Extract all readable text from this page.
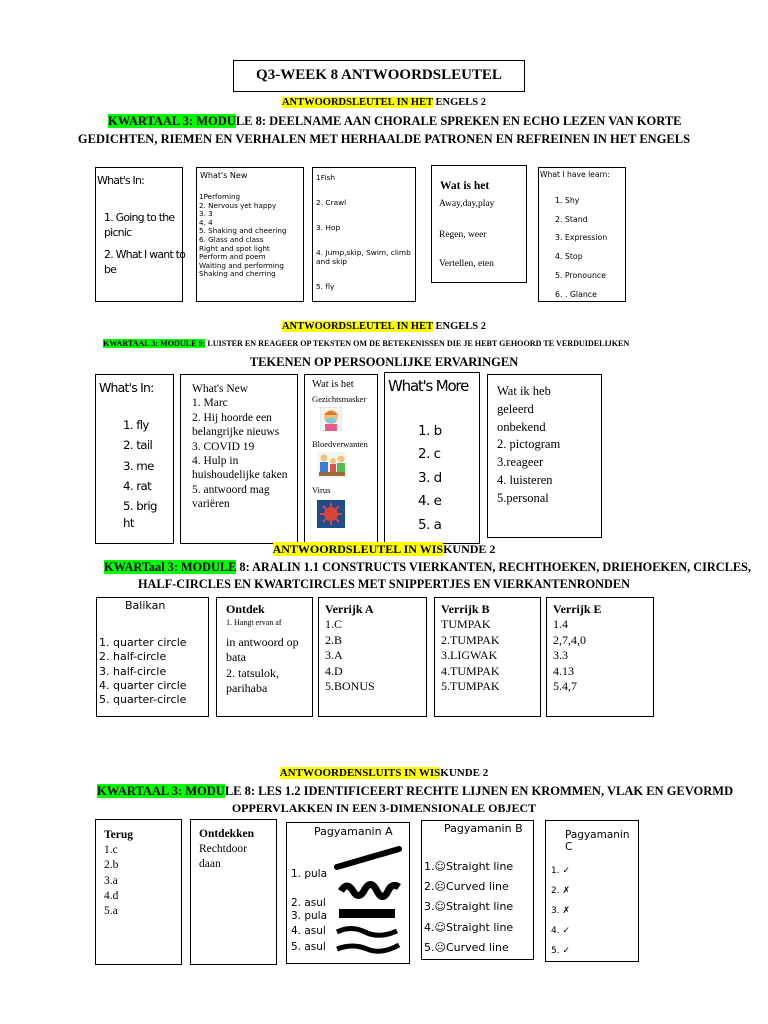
Q3-WEEK 8 ANTWOORDSLEUTEL
ANTWOORDSLEUTEL IN HET ENGELS 2
KWARTAAL 3: MODULE 8: DEELNAME AAN CHORALE SPREKEN EN ECHO LEZEN VAN KORTE
GEDICHTEN, RIEMEN EN VERHALEN MET HERHAALDE PATRONEN EN REFREINEN IN HET ENGELS
What's In:
1. Going to the
picnic
2. What I want to
be
What's New
1Perfoming
2. Nervous yet happy
3. 3
4. 4
5. Shaking and cheering
6. Glass and class
Right and spot light
Perform and poem
Waiting and performing
Shaking and cherring
1Fish
2. Crawl
3. Hop
4. Jump,skip, Swim, climb
and skip
5. fly
Wat is het
Away,day,play
Regen, weer
Vertellen, eten
What I have learn:
1. Shy
2. Stand
3. Expression
4. Stop
5. Pronounce
6. . Glance
ANTWOORDSLEUTEL IN HET ENGELS 2
KWARTAAL 3: MODULE 9: LUISTER EN REAGEER OP TEKSTEN OM DE BETEKENISSEN DIE JE HEBT GEHOORD TE VERDUIDELIJKEN
TEKENEN OP PERSOONLIJKE ERVARINGEN
What's In:
1. fly
2. tail
3. me
4. rat
5. brig
ht
What's New
1. Marc
2. Hij hoorde een
belangrijke nieuws
3. COVID 19
4. Hulp in
huishoudelijke taken
5. antwoord mag
variëren
Wat is het
Gezichtsmasker
Bloedverwanten
Virus
What's More
1. b
2. c
3. d
4. e
5. a
Wat ik heb
geleerd
onbekend
2. pictogram
3.reageer
4. luisteren
5.personal
ANTWOORDSLEUTEL IN WISKUNDE 2
KWARTaal 3: MODULE 8: ARALIN 1.1 CONSTRUCTS VIERKANTEN, RECHTHOEKEN, DRIEHOEKEN, CIRCLES,
HALF-CIRCLES EN KWARTCIRCLES MET SNIPPERTJES EN VIERKANTENRONDEN
Balikan
1. quarter circle
2. half-circle
3. half-circle
4. quarter circle
5. quarter-circle
Ontdek
1. Hangt ervan af
in antwoord op
bata
2. tatsulok,
parihaba
Verrijk A
1.C
2.B
3.A
4.D
5.BONUS
Verrijk B
TUMPAK
2.TUMPAK
3.LIGWAK
4.TUMPAK
5.TUMPAK
Verrijk E
1.4
2,7,4,0
3.3
4.13
5.4,7
ANTWOORDENSLUITS IN WISKUNDE 2
KWARTAAL 3: MODULE 8: LES 1.2 IDENTIFICEERT RECHTE LIJNEN EN KROMMEN, VLAK EN GEVORMD
OPPERVLAKKEN IN EEN 3-DIMENSIONALE OBJECT
Terug
1.c
2.b
3.a
4.d
5.a
Ontdekken
Rechtdoor
daan
Pagyamanin A
1. pula
2. asul
3. pula
4. asul
5. asul
Pagyamanin B
1.☺Straight line
2.☹Curved line
3.☺Straight line
4.☺Straight line
5.☹Curved line
Pagyamanin C
1. ✓
2. ✗
3. ✗
4. ✓
5. ✓
